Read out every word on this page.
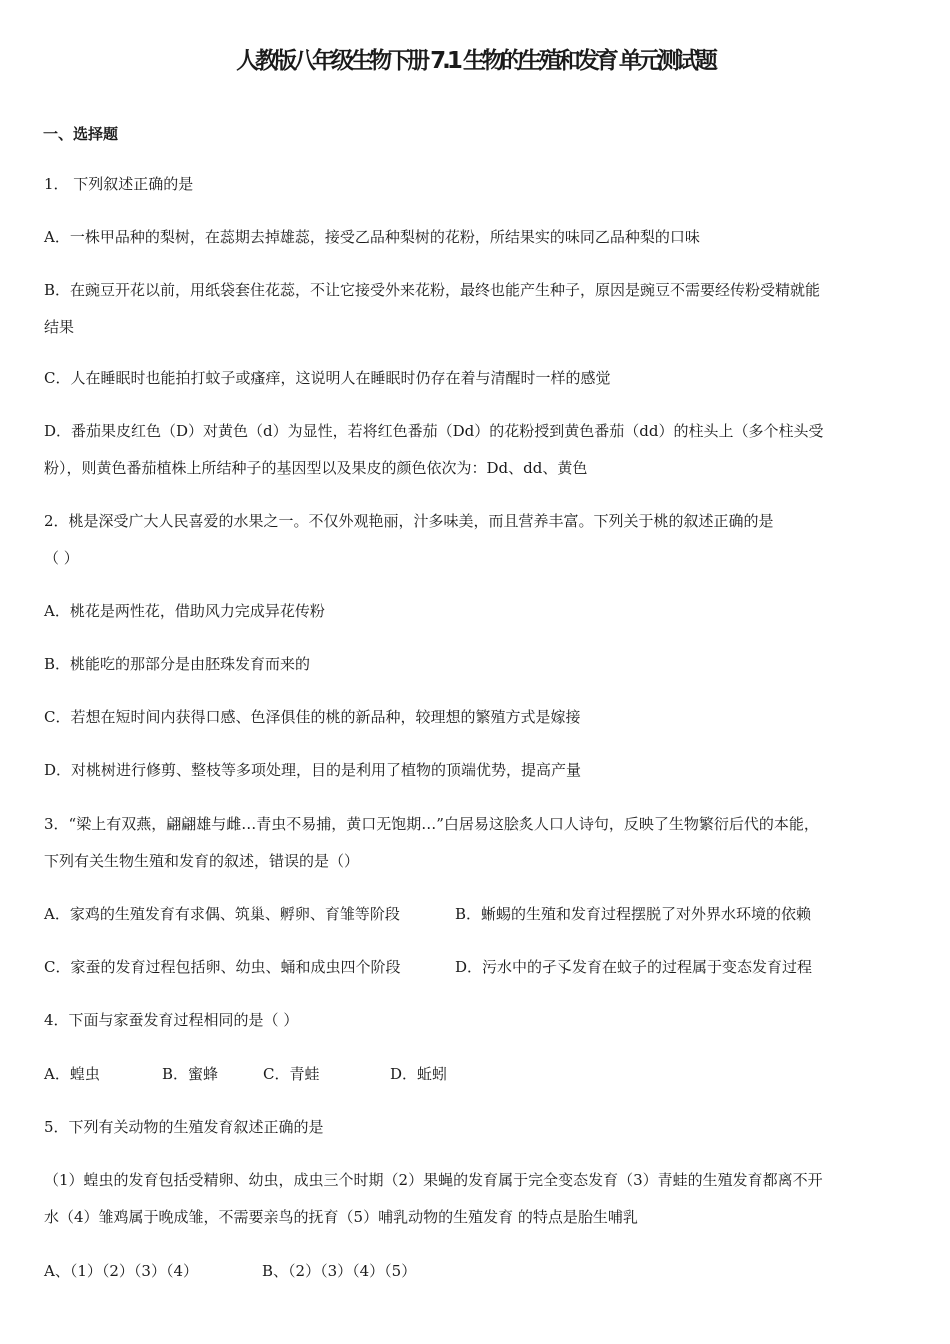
人教版八年级生物下册 7.1 生物的生殖和发育 单元测试题
一、选择题
1． 下列叙述正确的是
A．一株甲品种的梨树，在蕊期去掉雄蕊，接受乙品种梨树的花粉，所结果实的味同乙品种梨的口味
B．在豌豆开花以前，用纸袋套住花蕊，不让它接受外来花粉，最终也能产生种子，原因是豌豆不需要经传粉受精就能
结果
C．人在睡眠时也能拍打蚊子或瘙痒，这说明人在睡眠时仍存在着与清醒时一样的感觉
D．番茄果皮红色（D）对黄色（d）为显性，若将红色番茄（Dd）的花粉授到黄色番茄（dd）的柱头上（多个柱头受
粉），则黄色番茄植株上所结种子的基因型以及果皮的颜色依次为：Dd、dd、黄色
2．桃是深受广大人民喜爱的水果之一。不仅外观艳丽，汁多味美，而且营养丰富。下列关于桃的叙述正确的是
（ ）
A．桃花是两性花，借助风力完成异花传粉
B．桃能吃的那部分是由胚珠发育而来的
C．若想在短时间内获得口感、色泽俱佳的桃的新品种，较理想的繁殖方式是嫁接
D．对桃树进行修剪、整枝等多项处理，目的是利用了植物的顶端优势，提高产量
3．“梁上有双燕，翩翩雄与雌…青虫不易捕，黄口无饱期…”白居易这脍炙人口人诗句，反映了生物繁衍后代的本能，
下列有关生物生殖和发育的叙述，错误的是（）
A．家鸡的生殖发育有求偶、筑巢、孵卵、育雏等阶段	B．蜥蜴的生殖和发育过程摆脱了对外界水环境的依赖
C．家蚕的发育过程包括卵、幼虫、蛹和成虫四个阶段	D．污水中的孑孓发育在蚊子的过程属于变态发育过程
4．下面与家蚕发育过程相同的是（ ）
A．蝗虫	B．蜜蜂	C．青蛙	D．蚯蚓
5．下列有关动物的生殖发育叙述正确的是
（1）蝗虫的发育包括受精卵、幼虫，成虫三个时期（2）果蝇的发育属于完全变态发育（3）青蛙的生殖发育都离不开
水（4）雏鸡属于晚成雏，不需要亲鸟的抚育（5）哺乳动物的生殖发育 的特点是胎生哺乳
A、（1）（2）（3）（4）	B、（2）（3）（4）（5）
